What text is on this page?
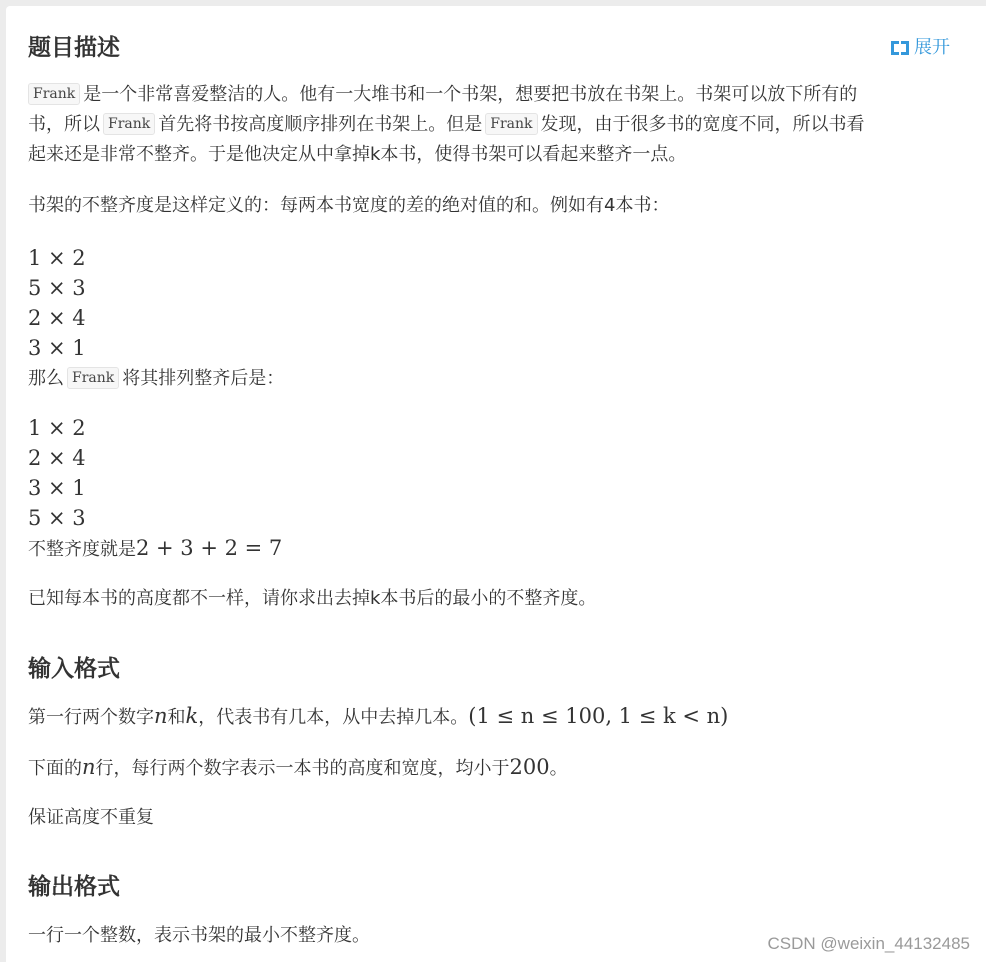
题目描述	展开

Frank 是一个非常喜爱整洁的人。他有一大堆书和一个书架，想要把书放在书架上。书架可以放下所有的

书，所以 Frank 首先将书按高度顺序排列在书架上。但是 Frank 发现，由于很多书的宽度不同，所以书看

起来还是非常不整齐。于是他决定从中拿掉k本书，使得书架可以看起来整齐一点。

书架的不整齐度是这样定义的：每两本书宽度的差的绝对值的和。例如有4本书：

1 × 2
5 × 3
2 × 4
3 × 1

那么 Frank 将其排列整齐后是：

1 × 2
2 × 4
3 × 1
5 × 3

不整齐度就是2 + 3 + 2 = 7

已知每本书的高度都不一样，请你求出去掉k本书后的最小的不整齐度。

输入格式

第一行两个数字n和k，代表书有几本，从中去掉几本。(1 ≤ n ≤ 100, 1 ≤ k < n)

下面的n行，每行两个数字表示一本书的高度和宽度，均小于200。

保证高度不重复

输出格式

一行一个整数，表示书架的最小不整齐度。	CSDN @weixin_44132485
